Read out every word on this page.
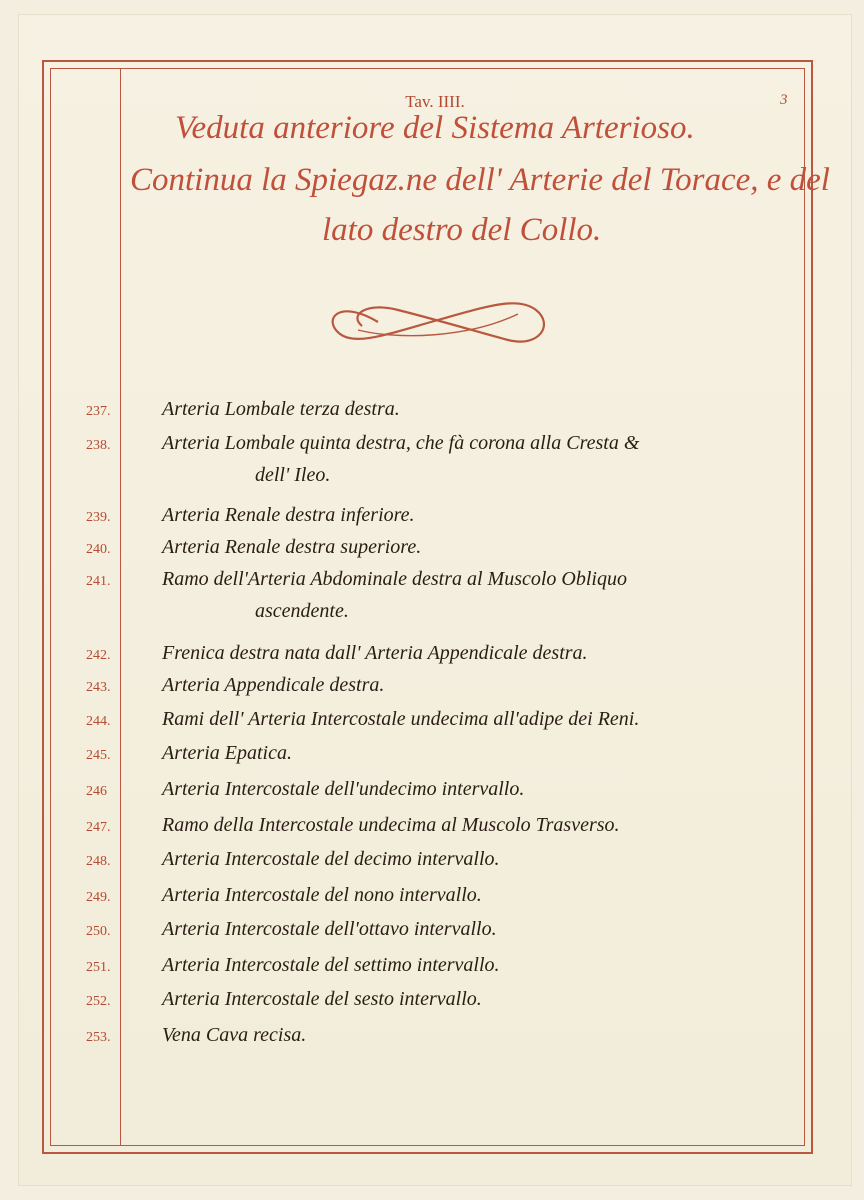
Tav. IIII.	3
Veduta anteriore del Sistema Arterioso.
Continua la Spiegaz.ne dell' Arterie del Torace, e del
lato destro del Collo.
237.	Arteria Lombale terza destra.
238.	Arteria Lombale quinta destra, che fà corona alla Cresta &
dell' Ileo.
239.	Arteria Renale destra inferiore.
240.	Arteria Renale destra superiore.
241.	Ramo dell'Arteria Abdominale destra al Muscolo Obliquo
ascendente.
242.	Frenica destra nata dall' Arteria Appendicale destra.
243.	Arteria Appendicale destra.
244.	Rami dell' Arteria Intercostale undecima all'adipe dei Reni.
245.	Arteria Epatica.
246	Arteria Intercostale dell'undecimo intervallo.
247.	Ramo della Intercostale undecima al Muscolo Trasverso.
248.	Arteria Intercostale del decimo intervallo.
249.	Arteria Intercostale del nono intervallo.
250.	Arteria Intercostale dell'ottavo intervallo.
251.	Arteria Intercostale del settimo intervallo.
252.	Arteria Intercostale del sesto intervallo.
253.	Vena Cava recisa.
